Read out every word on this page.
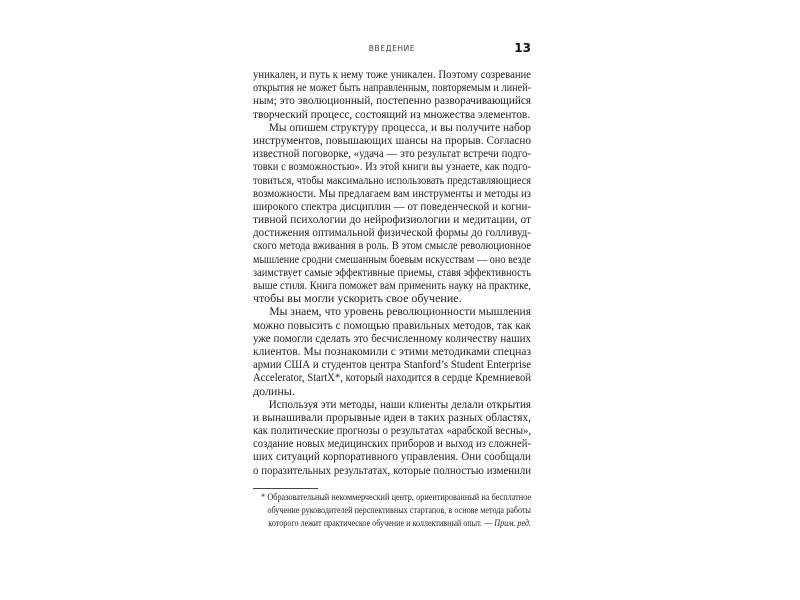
ВВЕДЕНИЕ	13
уникален, и путь к нему тоже уникален. Поэтому созревание
открытия не может быть направленным, повторяемым и линей-
ным; это эволюционный, постепенно разворачивающийся
творческий процесс, состоящий из множества элементов.
Мы опишем структуру процесса, и вы получите набор
инструментов, повышающих шансы на прорыв. Согласно
известной поговорке, «удача — это результат встречи подго-
товки с возможностью». Из этой книги вы узнаете, как подго-
товиться, чтобы максимально использовать представляющиеся
возможности. Мы предлагаем вам инструменты и методы из
широкого спектра дисциплин — от поведенческой и когни-
тивной психологии до нейрофизиологии и медитации, от
достижения оптимальной физической формы до голливуд-
ского метода вживания в роль. В этом смысле революционное
мышление сродни смешанным боевым искусствам — оно везде
заимствует самые эффективные приемы, ставя эффективность
выше стиля. Книга поможет вам применить науку на практике,
чтобы вы могли ускорить свое обучение.
Мы знаем, что уровень революционности мышления
можно повысить с помощью правильных методов, так как
уже помогли сделать это бесчисленному количеству наших
клиентов. Мы познакомили с этими методиками спецназ
армии США и студентов центра Stanford’s Student Enterprise
Accelerator, StartX*, который находится в сердце Кремниевой
долины.
Используя эти методы, наши клиенты делали открытия
и вынашивали прорывные идеи в таких разных областях,
как политические прогнозы о результатах «арабской весны»,
создание новых медицинских приборов и выход из сложней-
ших ситуаций корпоративного управления. Они сообщали
о поразительных результатах, которые полностью изменили
* Образовательный некоммерческий центр, ориентированный на бесплатное
обучение руководителей перспективных стартапов, в основе метода работы
которого лежит практическое обучение и коллективный опыт. — Прим. ред.
